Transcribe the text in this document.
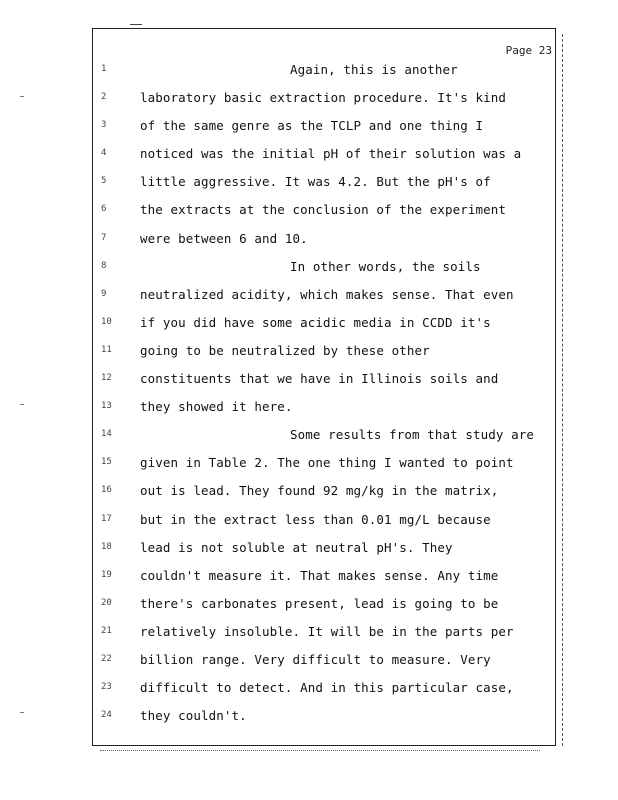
Page 23
1	Again, this is another
2	laboratory basic extraction procedure. It's kind
3	of the same genre as the TCLP and one thing I
4	noticed was the initial pH of their solution was a
5	little aggressive. It was 4.2. But the pH's of
6	the extracts at the conclusion of the experiment
7	were between 6 and 10.
8	In other words, the soils
9	neutralized acidity, which makes sense. That even
10	if you did have some acidic media in CCDD it's
11	going to be neutralized by these other
12	constituents that we have in Illinois soils and
13	they showed it here.
14	Some results from that study are
15	given in Table 2. The one thing I wanted to point
16	out is lead. They found 92 mg/kg in the matrix,
17	but in the extract less than 0.01 mg/L because
18	lead is not soluble at neutral pH's. They
19	couldn't measure it. That makes sense. Any time
20	there's carbonates present, lead is going to be
21	relatively insoluble. It will be in the parts per
22	billion range. Very difficult to measure. Very
23	difficult to detect. And in this particular case,
24	they couldn't.
